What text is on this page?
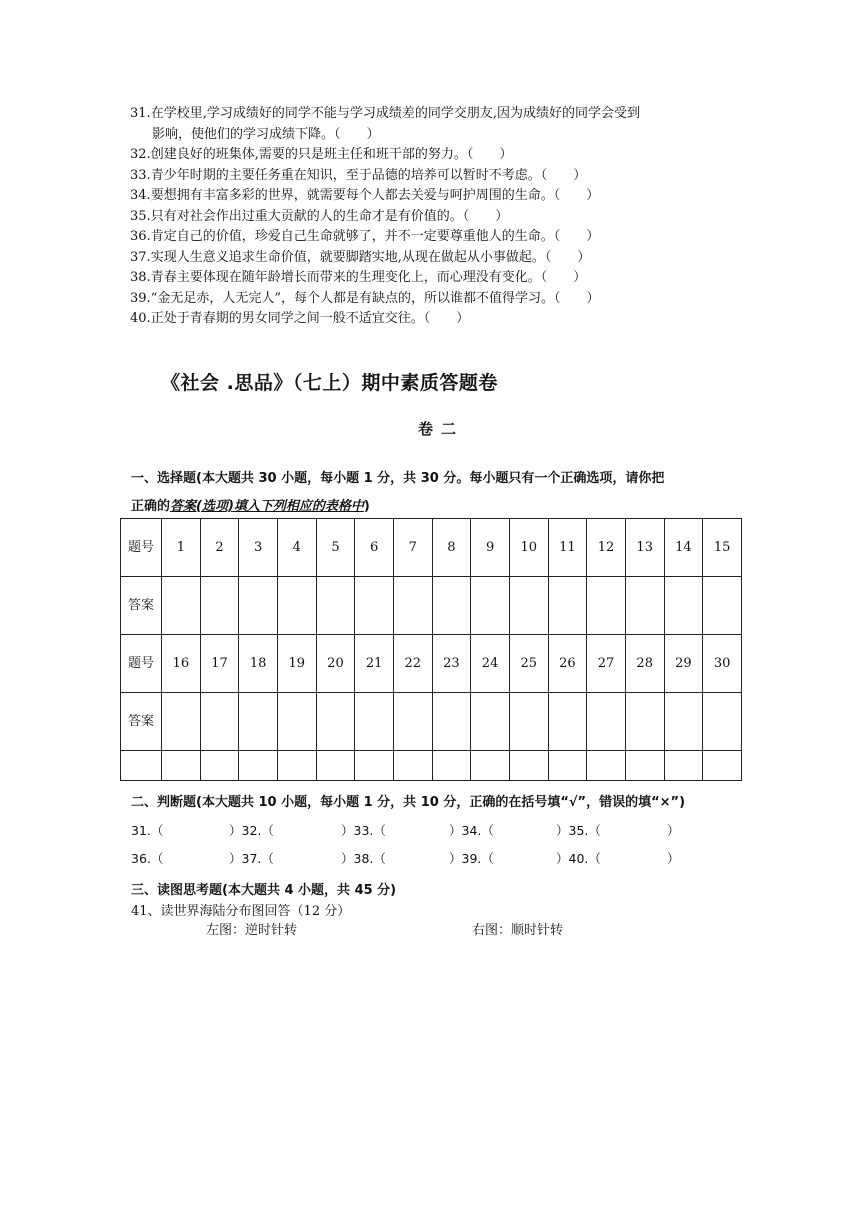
31.在学校里,学习成绩好的同学不能与学习成绩差的同学交朋友,因为成绩好的同学会受到
影响，使他们的学习成绩下降。（　　）
32.创建良好的班集体,需要的只是班主任和班干部的努力。（　　）
33.青少年时期的主要任务重在知识，至于品德的培养可以暂时不考虑。（　　）
34.要想拥有丰富多彩的世界，就需要每个人都去关爱与呵护周围的生命。（　　）
35.只有对社会作出过重大贡献的人的生命才是有价值的。（　　）
36.肯定自己的价值，珍爱自己生命就够了，并不一定要尊重他人的生命。（　　）
37.实现人生意义追求生命价值，就要脚踏实地,从现在做起从小事做起。（　　）
38.青春主要体现在随年龄增长而带来的生理变化上，而心理没有变化。（　　）
39.“金无足赤，人无完人”，每个人都是有缺点的，所以谁都不值得学习。（　　）
40.正处于青春期的男女同学之间一般不适宜交往。（　　）
《社会 .思品》（七上）期中素质答题卷
卷二
一、选择题(本大题共 30 小题，每小题 1 分，共 30 分。每小题只有一个正确选项，请你把
正确的答案(选项)填入下列相应的表格中)
题号	1	2	3	4	5	6	7	8	9	10	11	12	13	14	15
答案															
题号	16	17	18	19	20	21	22	23	24	25	26	27	28	29	30
答案															

二、判断题(本大题共 10 小题，每小题 1 分，共 10 分，正确的在括号填“√”，错误的填“×”)
31.（	）32.（	）33.（	）34.（	）35.（	）
36.（	）37.（	）38.（	）39.（	）40.（	）
三、读图思考题(本大题共 4 小题，共 45 分)
41、读世界海陆分布图回答（12 分）
左图：逆时针转	右图：顺时针转
